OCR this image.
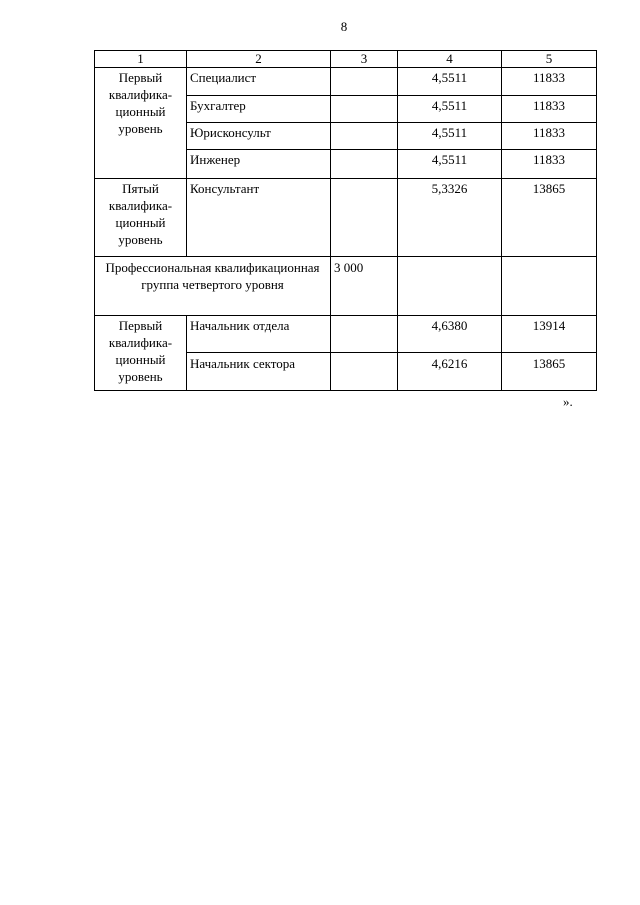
8
1	2	3	4	5
Первый квалифика-ционный уровень	Специалист		4,5511	11833
	Бухгалтер		4,5511	11833
	Юрисконсульт		4,5511	11833
	Инженер		4,5511	11833
Пятый квалифика-ционный уровень	Консультант		5,3326	13865
Профессиональная квалификационная группа четвертого уровня		3 000		
Первый квалифика-ционный уровень	Начальник отдела		4,6380	13914
	Начальник сектора		4,6216	13865
».
